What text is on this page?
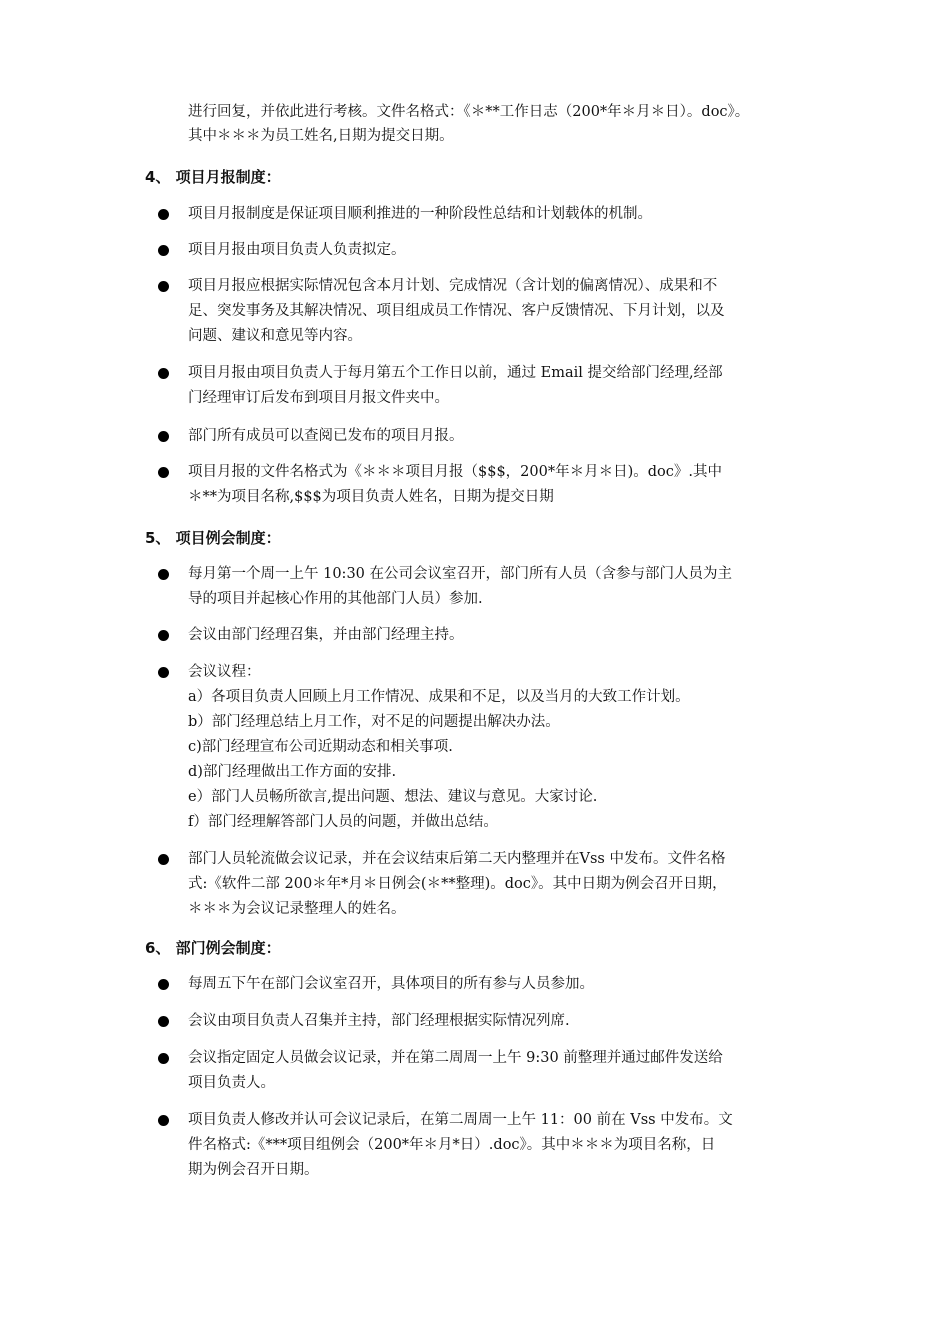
进行回复，并依此进行考核。文件名格式：《＊**工作日志（200*年＊月＊日）。doc》。
其中＊＊＊为员工姓名,日期为提交日期。
4、 项目月报制度：
项目月报制度是保证项目顺利推进的一种阶段性总结和计划载体的机制。
项目月报由项目负责人负责拟定。
项目月报应根据实际情况包含本月计划、完成情况（含计划的偏离情况）、成果和不
足、突发事务及其解决情况、项目组成员工作情况、客户反馈情况、下月计划，以及
问题、建议和意见等内容。
项目月报由项目负责人于每月第五个工作日以前，通过 Email 提交给部门经理,经部
门经理审订后发布到项目月报文件夹中。
部门所有成员可以查阅已发布的项目月报。
项目月报的文件名格式为《＊＊＊项目月报（$$$，200*年＊月＊日)。doc》.其中
＊**为项目名称,$$$为项目负责人姓名，日期为提交日期
5、 项目例会制度：
每月第一个周一上午 10:30 在公司会议室召开，部门所有人员（含参与部门人员为主
导的项目并起核心作用的其他部门人员）参加.
会议由部门经理召集，并由部门经理主持。
会议议程：
a）各项目负责人回顾上月工作情况、成果和不足，以及当月的大致工作计划。
b）部门经理总结上月工作，对不足的问题提出解决办法。
c)部门经理宣布公司近期动态和相关事项.
d)部门经理做出工作方面的安排.
e）部门人员畅所欲言,提出问题、想法、建议与意见。大家讨论.
f）部门经理解答部门人员的问题，并做出总结。
部门人员轮流做会议记录，并在会议结束后第二天内整理并在Vss 中发布。文件名格
式:《软件二部 200＊年*月＊日例会(＊**整理)。doc》。其中日期为例会召开日期，
＊＊＊为会议记录整理人的姓名。
6、 部门例会制度：
每周五下午在部门会议室召开，具体项目的所有参与人员参加。
会议由项目负责人召集并主持，部门经理根据实际情况列席.
会议指定固定人员做会议记录，并在第二周周一上午 9:30 前整理并通过邮件发送给
项目负责人。
项目负责人修改并认可会议记录后，在第二周周一上午 11：00 前在 Vss 中发布。文
件名格式:《***项目组例会（200*年＊月*日）.doc》。其中＊＊＊为项目名称，日
期为例会召开日期。
